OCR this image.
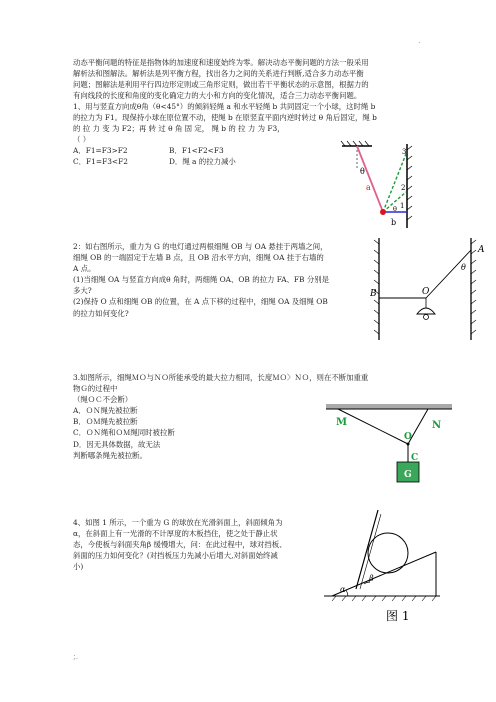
.

动态平衡问题的特征是指物体的加速度和速度始终为零。解决动态平衡问题的方法一般采用

解析法和图解法。解析法是列平衡方程，找出各力之间的关系进行判断,适合多力动态平衡

问题；图解法是利用平行四边形定则或三角形定则，做出若干平衡状态的示意图，根据力的

有向线段的长度和角度的变化确定力的大小和方向的变化情况，适合三力动态平衡问题。

1、用与竖直方向成θ角（θ<45°）的倾斜轻绳 a 和水平轻绳 b 共同固定一个小球，这时绳 b

的拉力为 F1。现保持小球在原位置不动，使绳 b 在原竖直平面内逆时转过 θ 角后固定，绳 b

的 拉 力 变 为 F2；再 转 过 θ 角 固 定， 绳 b 的 拉 力 为 F3，

（ ）

A．F1=F3>F2	B．F1<F2<F3

C．F1=F3<F2	D．绳 a 的拉力减小

θ
a
b
1
2
3
θ

2：如右图所示，重力为 G 的电灯通过两根细绳 OB 与 OA 悬挂于两墙之间，

细绳 OB 的一端固定于左墙 B 点，且 OB 沿水平方向，细绳 OA 挂于右墙的

A 点。

(1)当细绳 OA 与竖直方向成θ 角时，两细绳 OA、OB 的拉力 FA、FB 分别是

多大?

(2)保持 O 点和细绳 OB 的位置，在 A 点下移的过程中，细绳 OA 及细绳 OB

的拉力如何变化?

A
B	O
θ

3.如图所示，细绳ＭＯ与ＮＯ所能承受的最大拉力相同，长度ＭＯ〉ＮＯ，则在不断加重重

物Ｇ的过程中

（绳ＯＣ不会断）

A．ＯＮ绳先被拉断

B．ＯＭ绳先被拉断

C．ＯＮ绳和ＯＭ绳同时被拉断

D．因无具体数据，故无法

判断哪条绳先被拉断。

M	N
O
C
G

4、如图 1 所示，一个重为 G 的球放在光滑斜面上，斜面倾角为

α，在斜面上有一光滑的不计厚度的木板挡住，使之处于静止状

态，今使板与斜面夹角β 缓慢增大，问：在此过程中，球对挡板、

斜面的压力如何变化？(对挡板压力先减小后增大,对斜面始终减

小)

α
β
图 1
;.
